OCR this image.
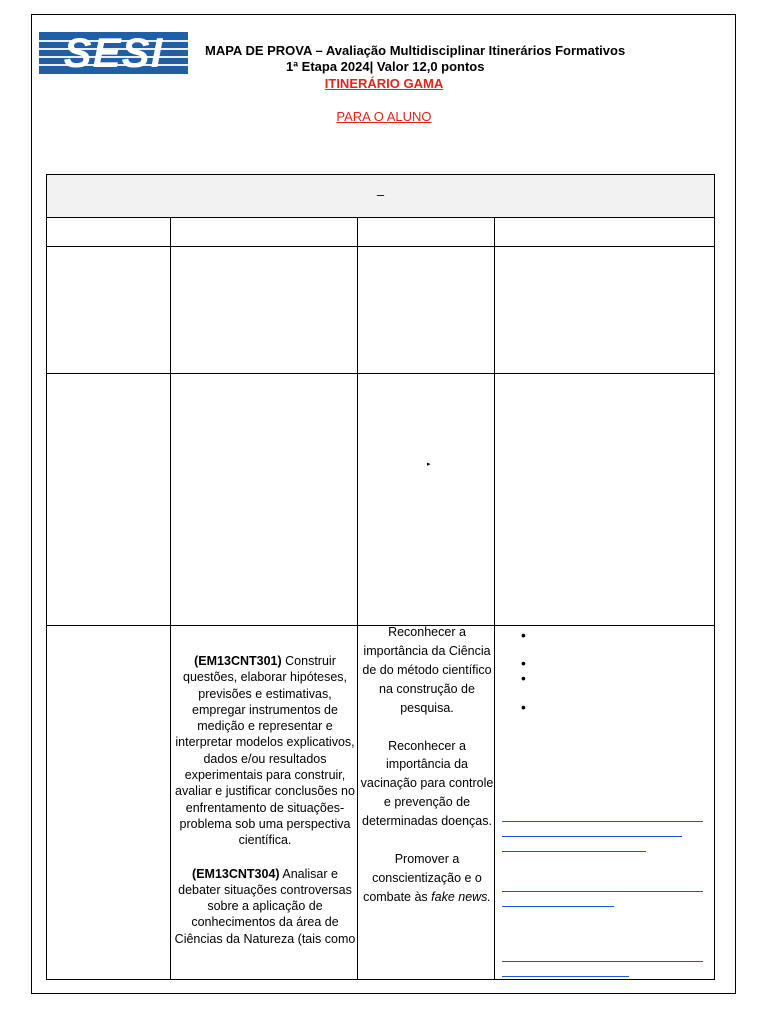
SESI	MAPA DE PROVA – Avaliação Multidisciplinar Itinerários Formativos
1ª Etapa 2024| Valor 12,0 pontos
ITINERÁRIO GAMA
PARA O ALUNO
–
▸

(EM13CNT301) Construir questões, elaborar hipóteses, previsões e estimativas, empregar instrumentos de medição e representar e interpretar modelos explicativos, dados e/ou resultados experimentais para construir, avaliar e justificar conclusões no enfrentamento de situações-problema sob uma perspectiva científica.

(EM13CNT304) Analisar e debater situações controversas sobre a aplicação de conhecimentos da área de Ciências da Natureza (tais como

Reconhecer a importância da Ciência de do método científico na construção de pesquisa.

Reconhecer a importância da vacinação para controle e prevenção de determinadas doenças.

Promover a conscientização e o combate às fake news.

•
•
•
•
